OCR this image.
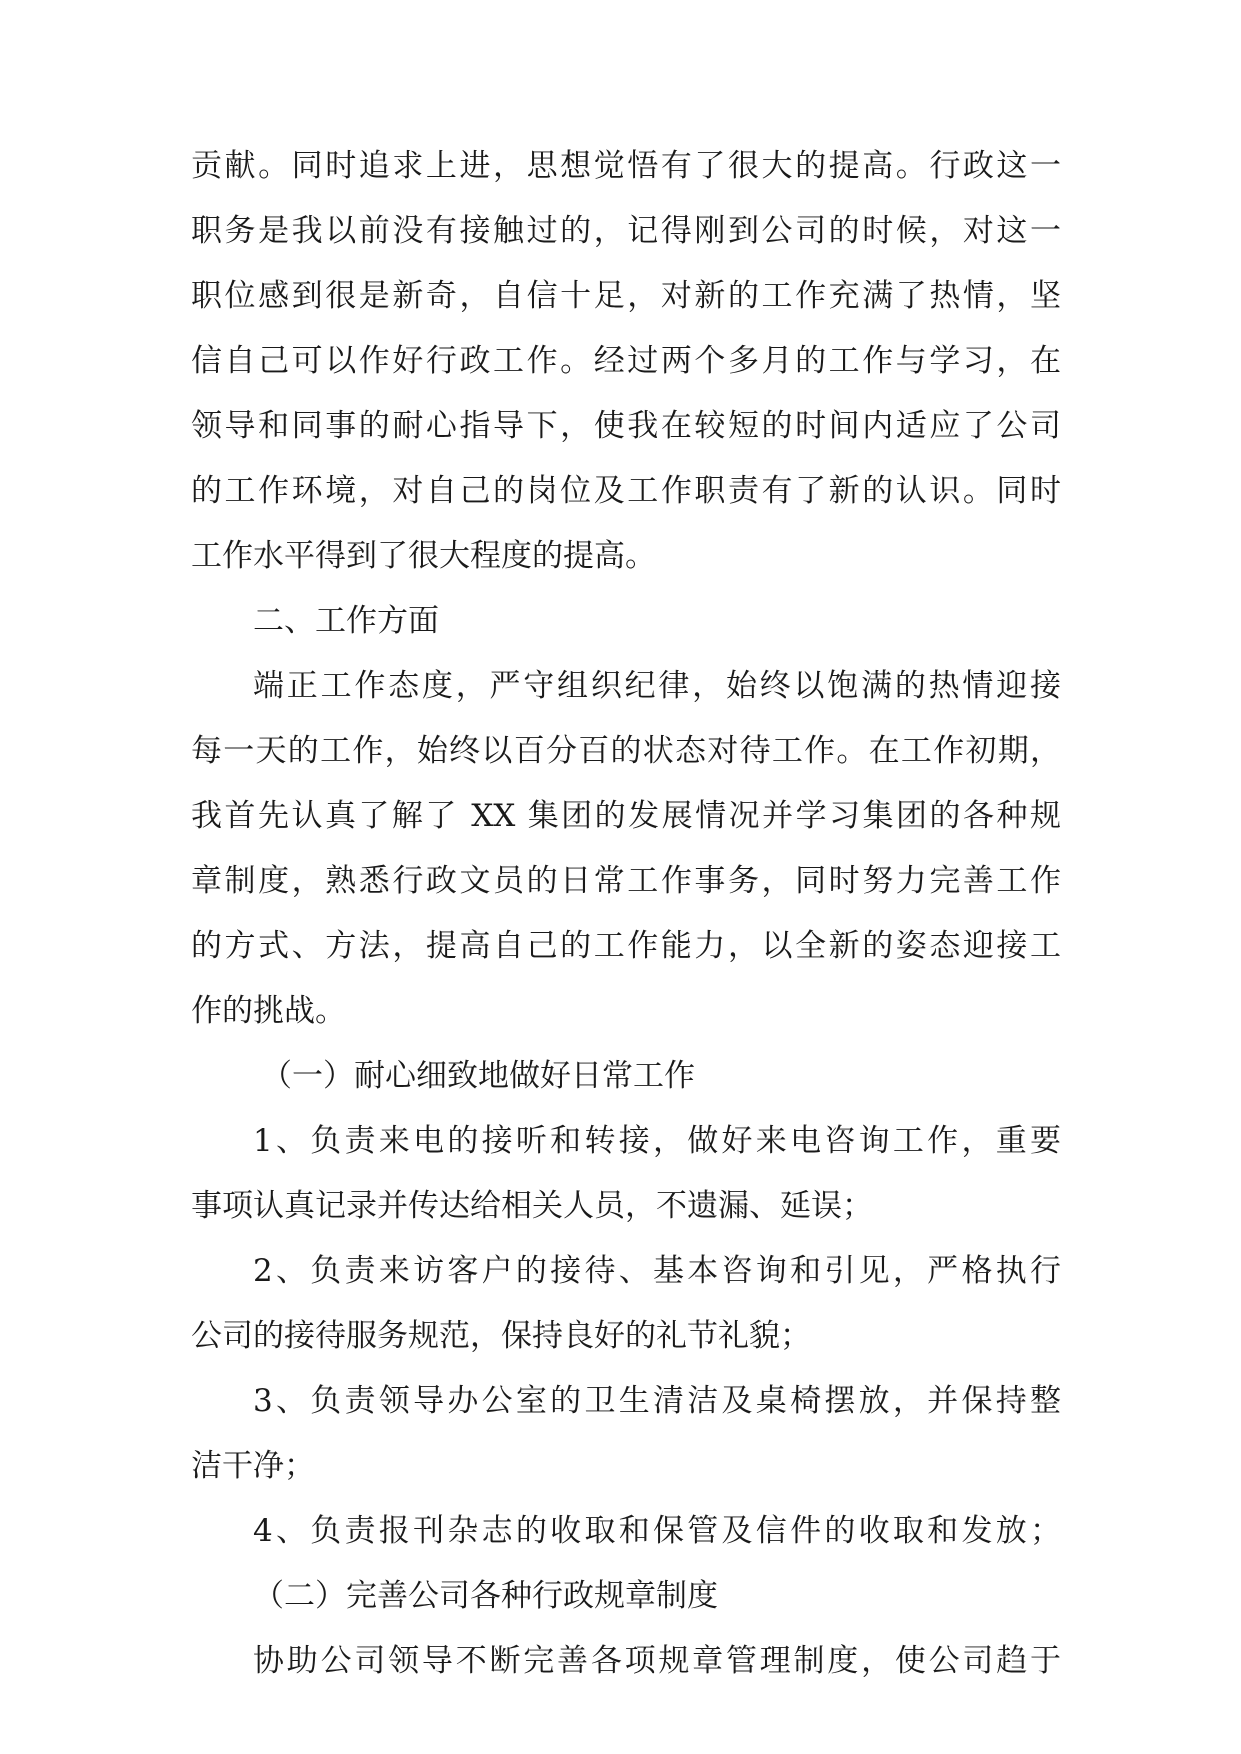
贡献。同时追求上进，思想觉悟有了很大的提高。行政这一
职务是我以前没有接触过的，记得刚到公司的时候，对这一
职位感到很是新奇，自信十足，对新的工作充满了热情，坚
信自己可以作好行政工作。经过两个多月的工作与学习，在
领导和同事的耐心指导下，使我在较短的时间内适应了公司
的工作环境，对自己的岗位及工作职责有了新的认识。同时
工作水平得到了很大程度的提高。
二、工作方面
端正工作态度，严守组织纪律，始终以饱满的热情迎接
每一天的工作，始终以百分百的状态对待工作。在工作初期，
我首先认真了解了 XX 集团的发展情况并学习集团的各种规
章制度，熟悉行政文员的日常工作事务，同时努力完善工作
的方式、方法，提高自己的工作能力，以全新的姿态迎接工
作的挑战。
（一）耐心细致地做好日常工作
1、负责来电的接听和转接，做好来电咨询工作，重要
事项认真记录并传达给相关人员，不遗漏、延误；
2、负责来访客户的接待、基本咨询和引见，严格执行
公司的接待服务规范，保持良好的礼节礼貌；
3、负责领导办公室的卫生清洁及桌椅摆放，并保持整
洁干净；
4、负责报刊杂志的收取和保管及信件的收取和发放；
（二）完善公司各种行政规章制度
协助公司领导不断完善各项规章管理制度，使公司趋于
